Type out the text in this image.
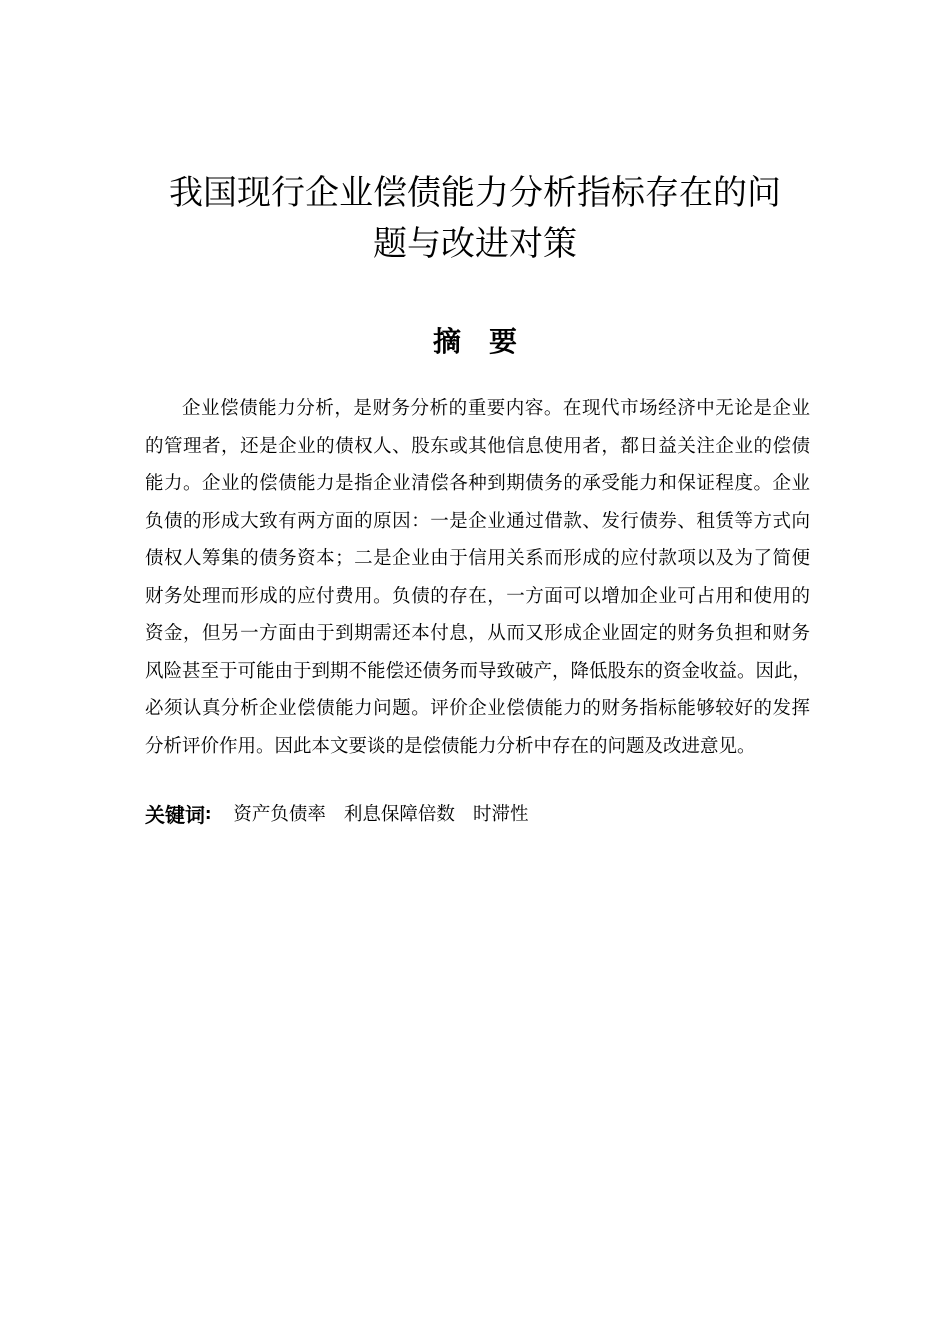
我国现行企业偿债能力分析指标存在的问
题与改进对策
摘要
企业偿债能力分析，是财务分析的重要内容。在现代市场经济中无论是企业
的管理者，还是企业的债权人、股东或其他信息使用者，都日益关注企业的偿债
能力。企业的偿债能力是指企业清偿各种到期债务的承受能力和保证程度。企业
负债的形成大致有两方面的原因：一是企业通过借款、发行债券、租赁等方式向
债权人筹集的债务资本；二是企业由于信用关系而形成的应付款项以及为了简便
财务处理而形成的应付费用。负债的存在，一方面可以增加企业可占用和使用的
资金，但另一方面由于到期需还本付息，从而又形成企业固定的财务负担和财务
风险甚至于可能由于到期不能偿还债务而导致破产，降低股东的资金收益。因此，
必须认真分析企业偿债能力问题。评价企业偿债能力的财务指标能够较好的发挥
分析评价作用。因此本文要谈的是偿债能力分析中存在的问题及改进意见。
关键词 : 资产负债率 利息保障倍数 时滞性
